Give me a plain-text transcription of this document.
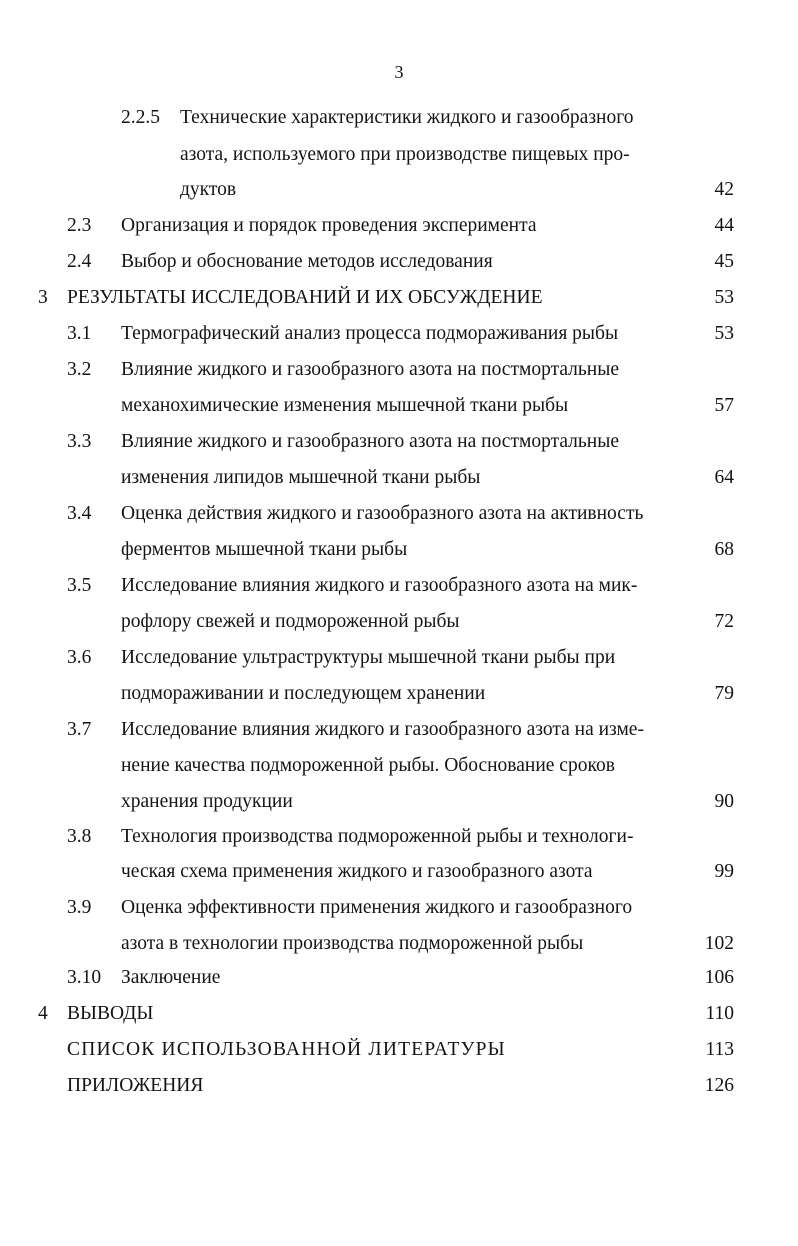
3
2.2.5 Технические характеристики жидкого и газообразного
азота, используемого при производстве пищевых про-
дуктов	42
2.3 Организация и порядок проведения эксперимента	44
2.4 Выбор и обоснование методов исследования	45
3 РЕЗУЛЬТАТЫ ИССЛЕДОВАНИЙ И ИХ ОБСУЖДЕНИЕ	53
3.1 Термографический анализ процесса подмораживания рыбы	53
3.2 Влияние жидкого и газообразного азота на постмортальные
механохимические изменения мышечной ткани рыбы	57
3.3 Влияние жидкого и газообразного азота на постмортальные
изменения липидов мышечной ткани рыбы	64
3.4 Оценка действия жидкого и газообразного азота на активность
ферментов мышечной ткани рыбы	68
3.5 Исследование влияния жидкого и газообразного азота на мик-
рофлору свежей и подмороженной рыбы	72
3.6 Исследование ультраструктуры мышечной ткани рыбы при
подмораживании и последующем хранении	79
3.7 Исследование влияния жидкого и газообразного азота на изме-
нение качества подмороженной рыбы. Обоснование сроков
хранения продукции	90
3.8 Технология производства подмороженной рыбы и технологи-
ческая схема применения жидкого и газообразного азота	99
3.9 Оценка эффективности применения жидкого и газообразного
азота в технологии производства подмороженной рыбы	102
3.10 Заключение	106
4 ВЫВОДЫ	110
СПИСОК ИСПОЛЬЗОВАННОЙ ЛИТЕРАТУРЫ	113
ПРИЛОЖЕНИЯ	126
